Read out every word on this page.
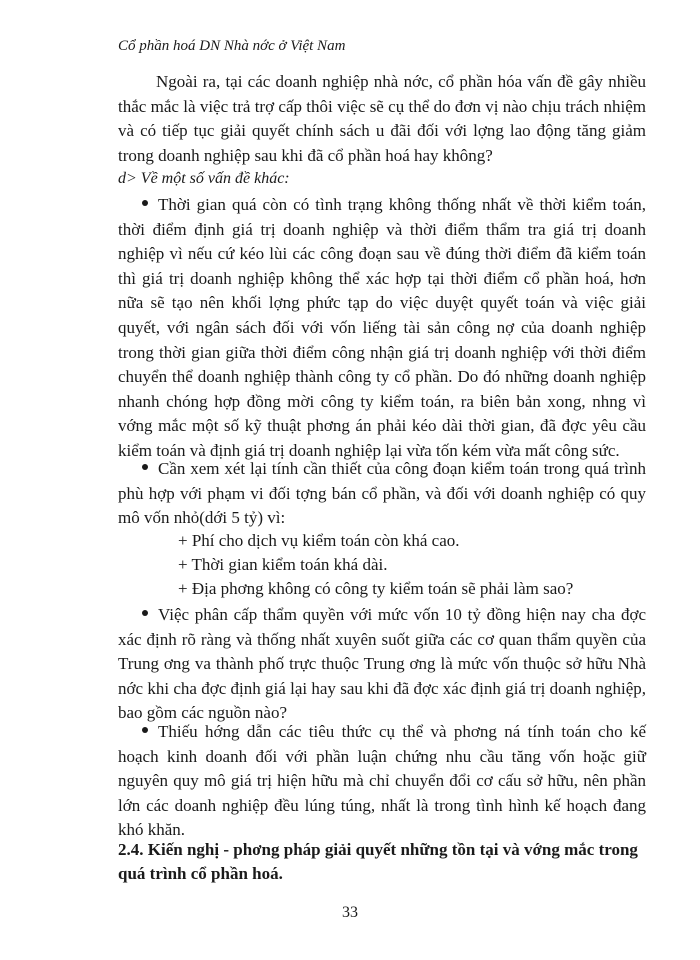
Cổ phần hoá DN Nhà nớc ở Việt Nam
Ngoài ra, tại các doanh nghiệp nhà nớc, cổ phần hóa vấn đề gây nhiều thắc mắc là việc trả trợ cấp thôi việc sẽ cụ thể do đơn vị nào chịu trách nhiệm và có tiếp tục giải quyết chính sách u đãi đối với lợng lao động tăng giảm trong doanh nghiệp sau khi đã cổ phần hoá hay không?
d> Về một số vấn đề khác:
Thời gian quá còn có tình trạng không thống nhất về thời kiểm toán, thời điểm định giá trị doanh nghiệp và thời điểm thẩm tra giá trị doanh nghiệp vì nếu cứ kéo lùi các công đoạn sau về đúng thời điểm đã kiểm toán thì giá trị doanh nghiệp không thể xác hợp tại thời điểm cổ phần hoá, hơn nữa sẽ tạo nên khối lợng phức tạp do việc duyệt quyết toán và việc giải quyết, với ngân sách đối với vốn liếng tài sản công nợ của doanh nghiệp trong thời gian giữa thời điểm công nhận giá trị doanh nghiệp với thời điểm chuyển thể doanh nghiệp thành công ty cổ phần. Do đó những doanh nghiệp nhanh chóng hợp đồng mời công ty kiểm toán, ra biên bản xong, nhng vì vớng mắc một số kỹ thuật phơng án phải kéo dài thời gian, đã đợc yêu cầu kiểm toán và định giá trị doanh nghiệp lại vừa tốn kém vừa mất công sức.
Cần xem xét lại tính cần thiết của công đoạn kiểm toán trong quá trình phù hợp với phạm vi đối tợng bán cổ phần, và đối với doanh nghiệp có quy mô vốn nhỏ(dới 5 tỷ) vì:
+ Phí cho dịch vụ kiểm toán còn khá cao.
+ Thời gian kiểm toán khá dài.
+ Địa phơng không có công ty kiểm toán sẽ phải làm sao?
Việc phân cấp thẩm quyền với mức vốn 10 tỷ đồng hiện nay cha đợc xác định rõ ràng và thống nhất xuyên suốt giữa các cơ quan thẩm quyền của Trung ơng va thành phố trực thuộc Trung ơng là mức vốn thuộc sở hữu Nhà nớc khi cha đợc định giá lại hay sau khi đã đợc xác định giá trị doanh nghiệp, bao gồm các nguồn nào?
Thiếu hớng dẫn các tiêu thức cụ thể và phơng ná tính toán cho kế hoạch kinh doanh đối với phần luận chứng nhu cầu tăng vốn hoặc giữ nguyên quy mô giá trị hiện hữu mà chỉ chuyển đổi cơ cấu sở hữu, nên phần lớn các doanh nghiệp đều lúng túng, nhất là trong tình hình kế hoạch đang khó khăn.
2.4. Kiến nghị - phơng pháp giải quyết những tồn tại và vớng mắc trong quá trình cổ phần hoá.
33
